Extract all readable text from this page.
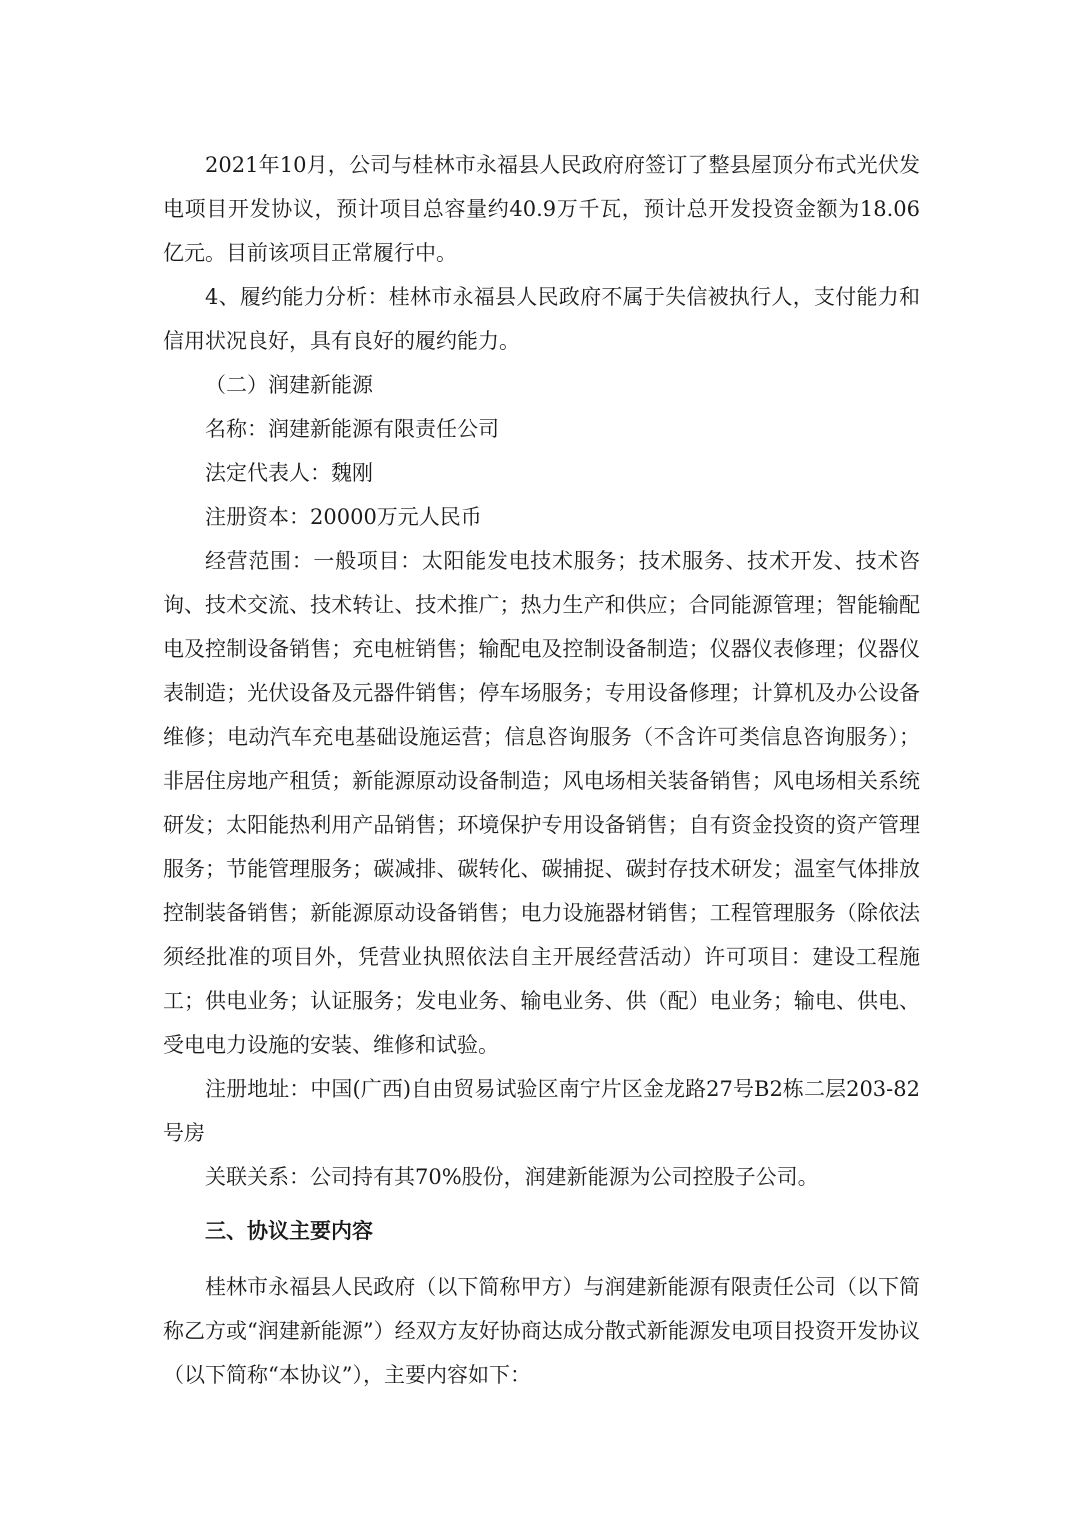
2021年10月，公司与桂林市永福县人民政府府签订了整县屋顶分布式光伏发电项目开发协议，预计项目总容量约40.9万千瓦，预计总开发投资金额为18.06亿元。目前该项目正常履行中。

4、履约能力分析：桂林市永福县人民政府不属于失信被执行人，支付能力和信用状况良好，具有良好的履约能力。

（二）润建新能源

名称：润建新能源有限责任公司

法定代表人：魏刚

注册资本：20000万元人民币

经营范围：一般项目：太阳能发电技术服务；技术服务、技术开发、技术咨询、技术交流、技术转让、技术推广；热力生产和供应；合同能源管理；智能输配电及控制设备销售；充电桩销售；输配电及控制设备制造；仪器仪表修理；仪器仪表制造；光伏设备及元器件销售；停车场服务；专用设备修理；计算机及办公设备维修；电动汽车充电基础设施运营；信息咨询服务（不含许可类信息咨询服务）；非居住房地产租赁；新能源原动设备制造；风电场相关装备销售；风电场相关系统研发；太阳能热利用产品销售；环境保护专用设备销售；自有资金投资的资产管理服务；节能管理服务；碳减排、碳转化、碳捕捉、碳封存技术研发；温室气体排放控制装备销售；新能源原动设备销售；电力设施器材销售；工程管理服务（除依法须经批准的项目外，凭营业执照依法自主开展经营活动）许可项目：建设工程施工；供电业务；认证服务；发电业务、输电业务、供（配）电业务；输电、供电、受电电力设施的安装、维修和试验。

注册地址：中国(广西)自由贸易试验区南宁片区金龙路27号B2栋二层203-82号房

关联关系：公司持有其70%股份，润建新能源为公司控股子公司。

三、协议主要内容

桂林市永福县人民政府（以下简称甲方）与润建新能源有限责任公司（以下简称乙方或“润建新能源”）经双方友好协商达成分散式新能源发电项目投资开发协议（以下简称“本协议”），主要内容如下：
